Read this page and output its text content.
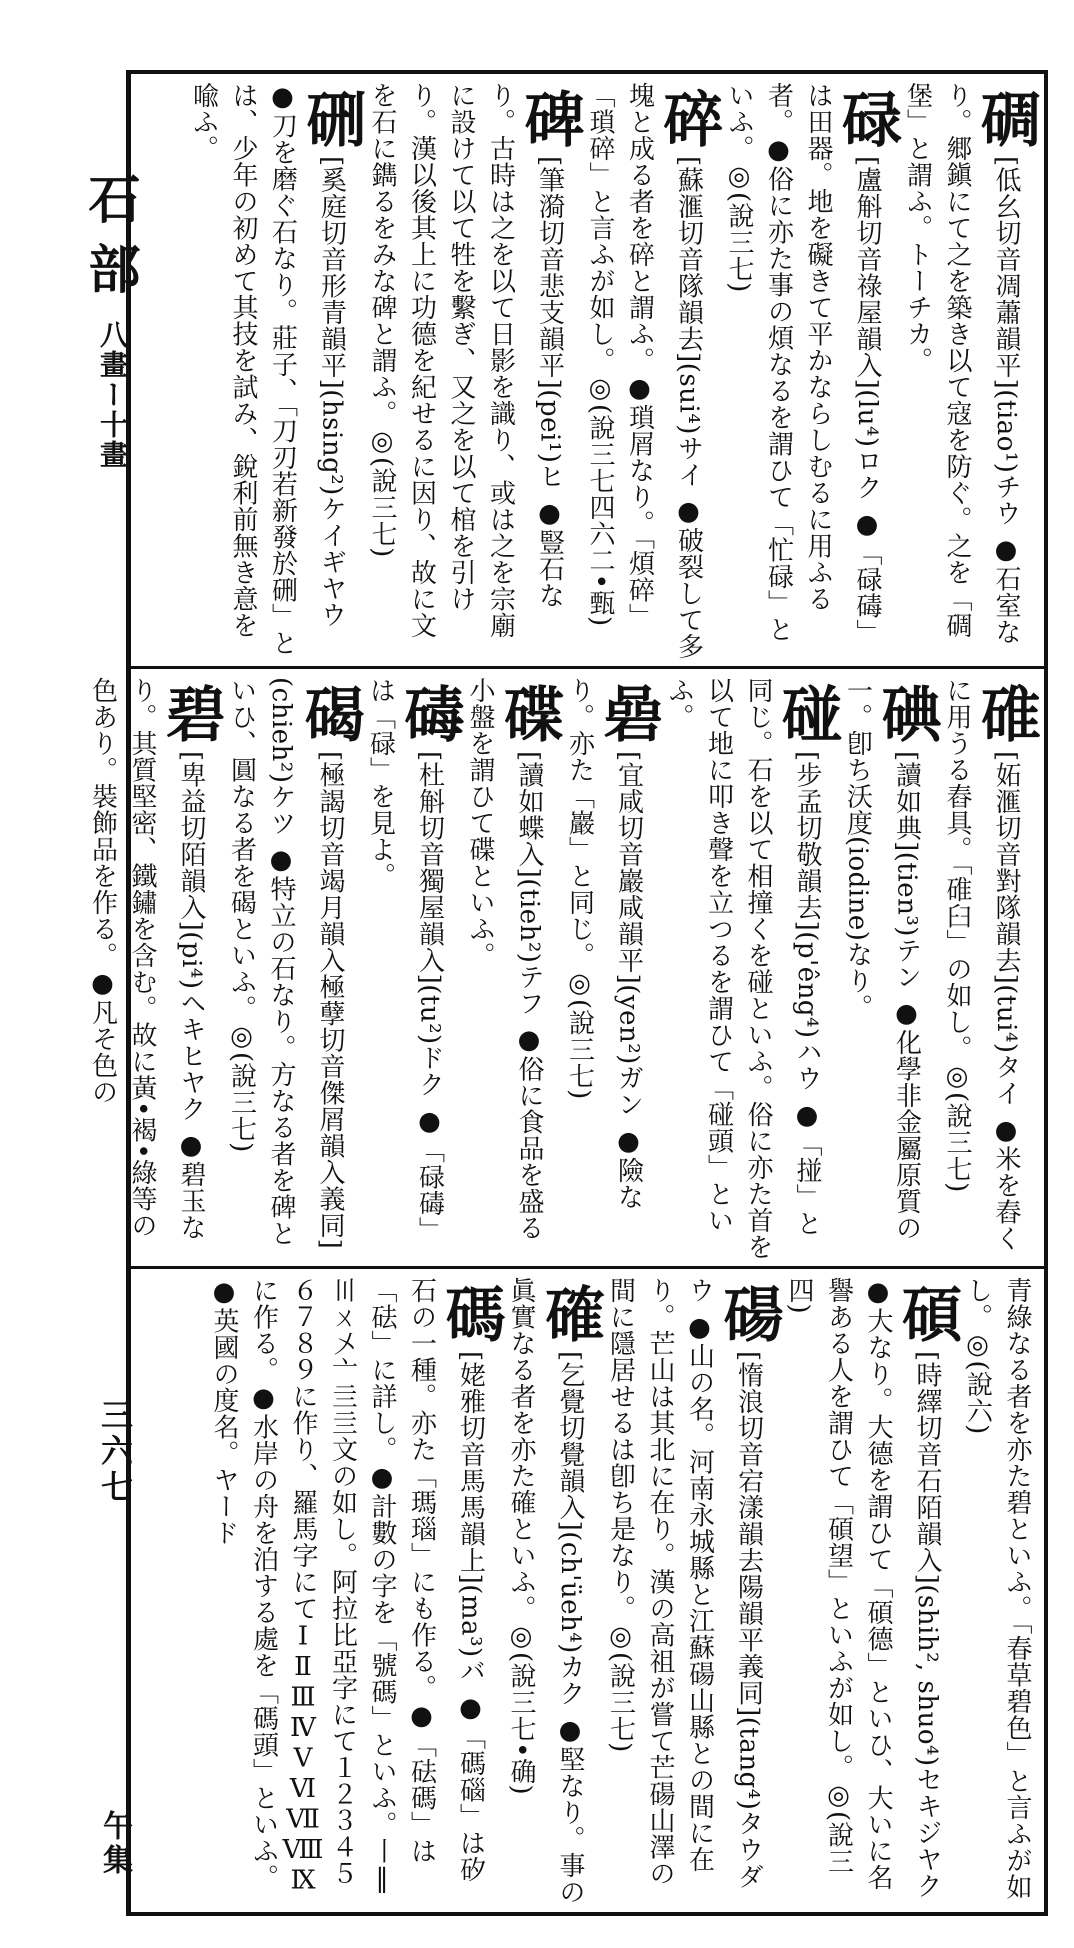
石部
八畫ー十畫
三六七
午集
碉[低幺切音凋蕭韻平](tiao¹)チウ ●石室なり。郷鎭にて之を築き以て寇を防ぐ。之を「碉堡」と謂ふ。トーチカ。
碌[盧斛切音祿屋韻入](lu⁴)ロク ●「碌碡」は田器。地を礙きて平かならしむるに用ふる者。●俗に亦た事の煩なるを謂ひて「忙碌」といふ。◎(說三七)
碎[蘇滙切音隊韻去](sui⁴)サイ ●破裂して多塊と成る者を碎と謂ふ。●瑣屑なり。「煩碎」「瑣碎」と言ふが如し。◎(說三七四六二•甄)
碑[筆漪切音悲支韻平](pei¹)ヒ ●豎石なり。古時は之を以て日影を識り、或は之を宗廟に設けて以て牲を繫ぎ、又之を以て棺を引けり。漢以後其上に功德を紀せるに因り、故に文を石に鐫るをみな碑と謂ふ。◎(說三七)
硎[奚庭切音形青韻平](hsing²)ケイギヤウ ●刀を磨ぐ石なり。莊子、「刀刃若新發於硎」とは、少年の初めて其技を試み、銳利前無き意を喩ふ。
碓[妬滙切音對隊韻去](tui⁴)タイ ●米を舂くに用うる舂具。「碓臼」の如し。◎(說三七)
碘[讀如典](tien³)テン ●化學非金屬原質の一。卽ち沃度(iodine)なり。
碰[步孟切敬韻去](p'êng⁴)ハウ ●「掽」と同じ。石を以て相撞くを碰といふ。俗に亦た首を以て地に叩き聲を立つるを謂ひて「碰頭」といふ。
碞[宜咸切音巖咸韻平](yen²)ガン ●險なり。亦た「巖」と同じ。◎(說三七)
碟[讀如蝶入](tieh²)テフ ●俗に食品を盛る小盤を謂ひて碟といふ。
碡[杜斛切音獨屋韻入](tu²)ドク ●「碌碡」は「碌」を見よ。
碣[極謁切音竭月韻入極孽切音傑屑韻入義同](chieh²)ケツ ●特立の石なり。方なる者を碑といひ、圓なる者を碣といふ。◎(說三七)
碧[卑益切陌韻入](pi⁴)ヘキヒヤク ●碧玉なり。其質堅密、鐵鏽を含む。故に黃•褐•綠等の色あり。裝飾品を作る。●凡そ色の
青綠なる者を亦た碧といふ。「春草碧色」と言ふが如し。◎(說六)
碩[時繹切音石陌韻入](shih², shuo⁴)セキジヤク ●大なり。大德を謂ひて「碩德」といひ、大いに名譽ある人を謂ひて「碩望」といふが如し。◎(說三四)
碭[惰浪切音宕漾韻去陽韻平義同](tang⁴)タウダウ ●山の名。河南永城縣と江蘇碭山縣との間に在り。芒山は其北に在り。漢の高祖が嘗て芒碭山澤の間に隱居せるは卽ち是なり。◎(說三七)
確[乞覺切覺韻入](ch'üeh⁴)カク ●堅なり。事の眞實なる者を亦た確といふ。◎(說三七•确)
碼[姥雅切音馬馬韻上](ma³)バ ●「碼碯」は矽石の一種。亦た「瑪瑙」にも作る。●「砝碼」は「砝」に詳し。●計數の字を「號碼」といふ。丨‖〣ㄨ〤亠亖亖文の如し。阿拉比亞字にて１２３４５６７８９に作り、羅馬字にてⅠⅡⅢⅣⅤⅥⅦⅧⅨに作る。●水岸の舟を泊する處を「碼頭」といふ。●英國の度名。ヤード
